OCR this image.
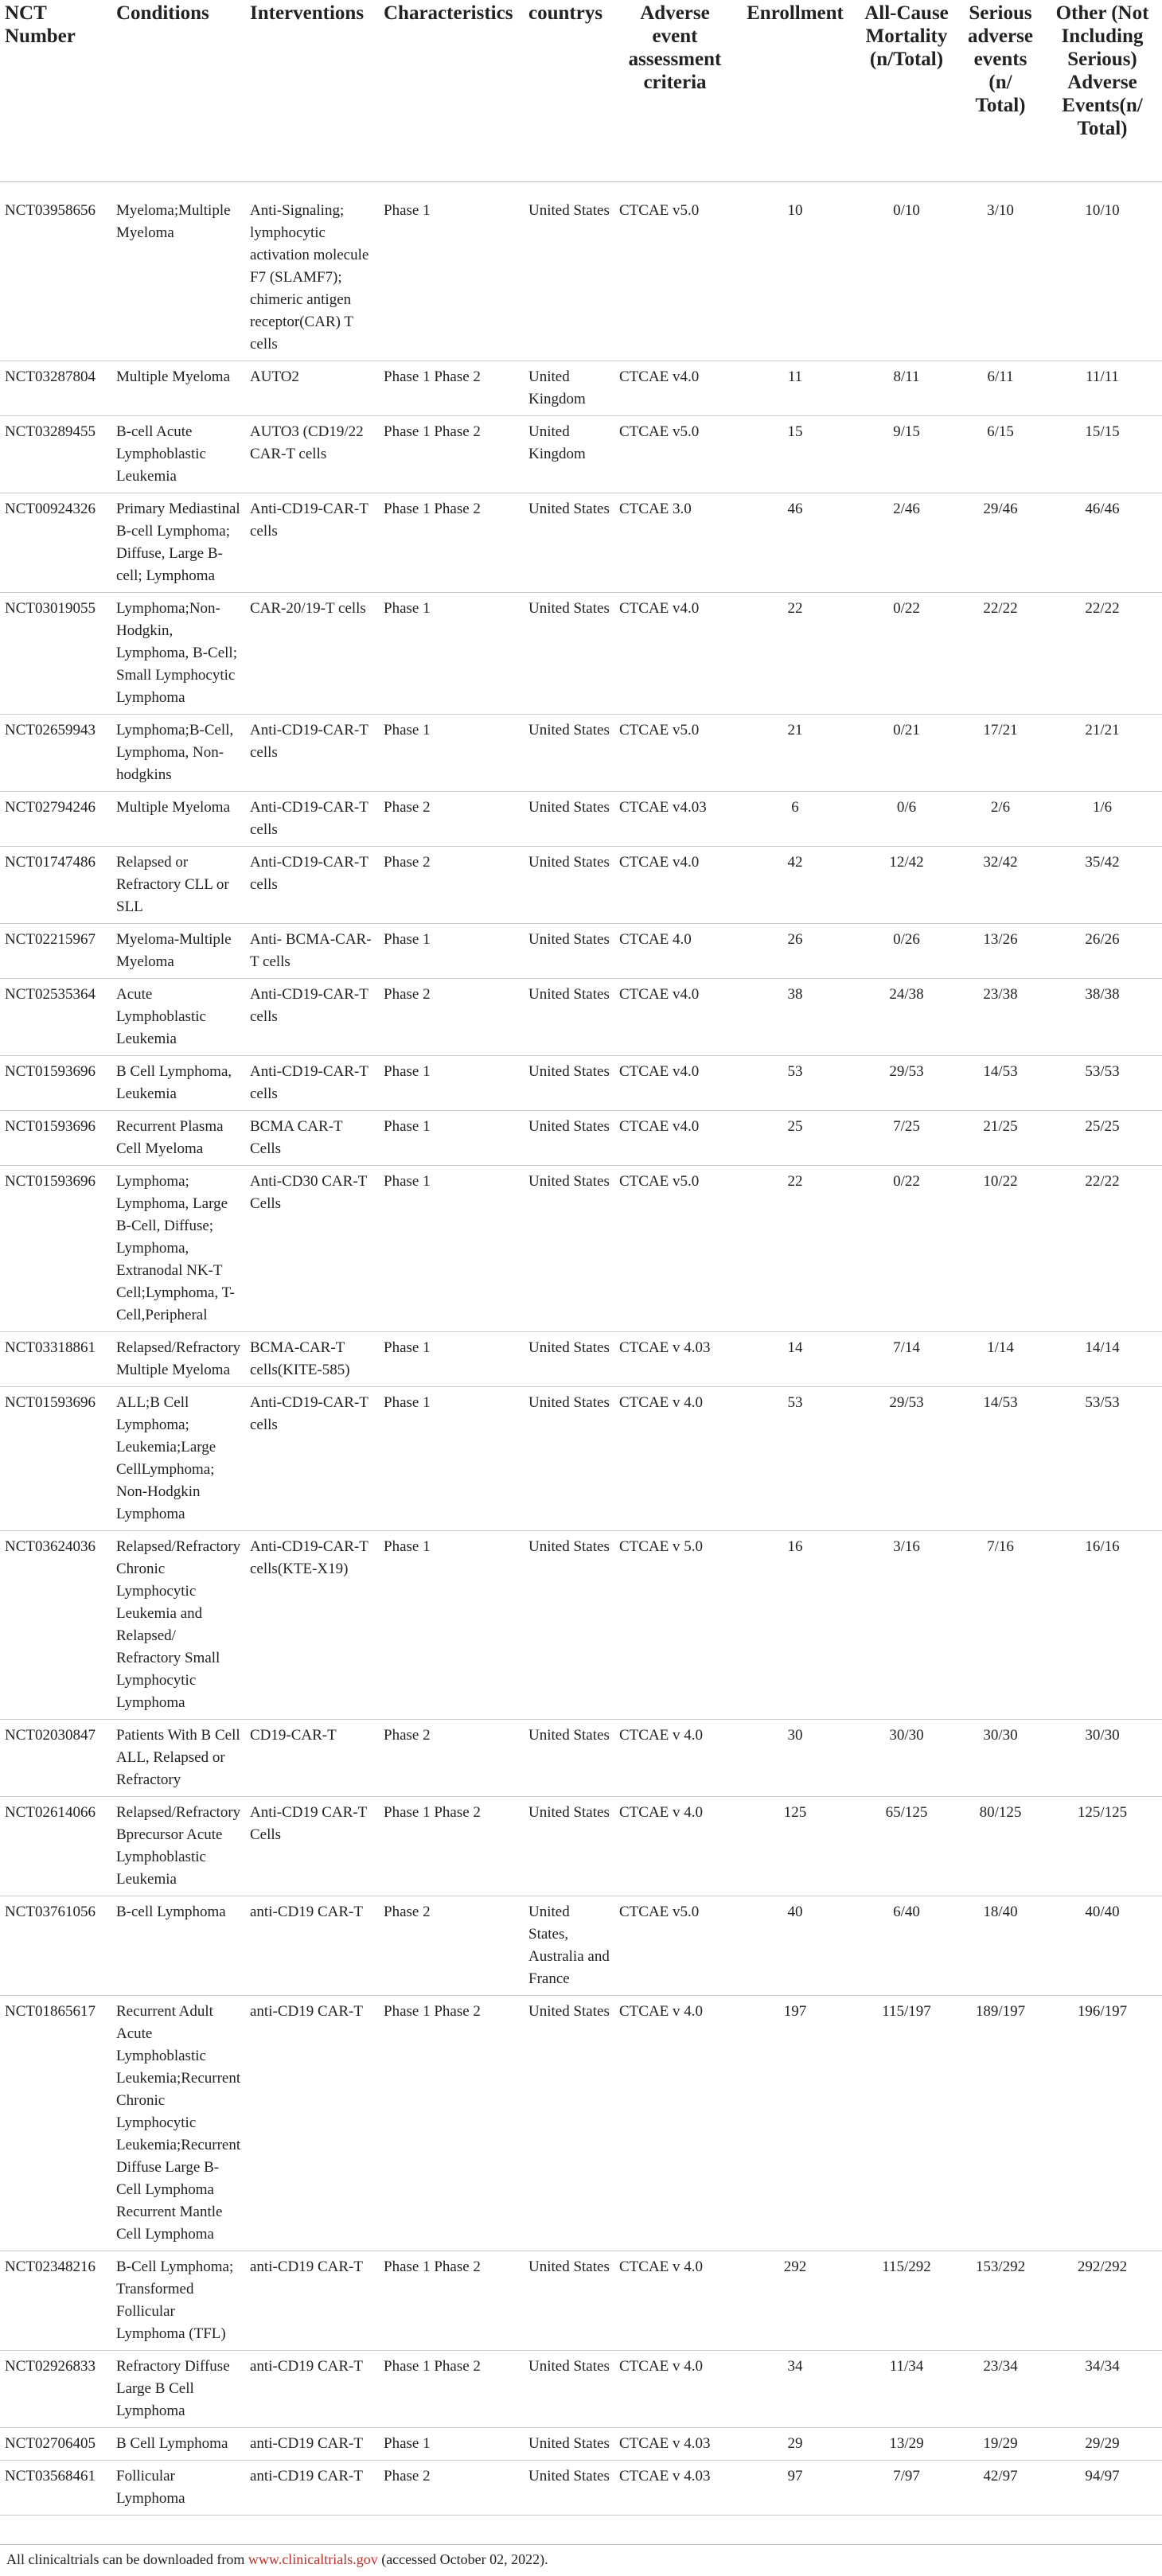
NCT Number	Conditions	Interventions	Characteristics	countrys	Adverse event assessment criteria	Enrollment	All-Cause Mortality (n/Total)	Serious adverse events (n/ Total)	Other (Not Including Serious) Adverse Events(n/ Total)
NCT03958656	Myeloma;Multiple Myeloma	Anti-Signaling; lymphocytic activation molecule F7 (SLAMF7); chimeric antigen receptor(CAR) T cells	Phase 1	United States	CTCAE v5.0	10	0/10	3/10	10/10
NCT03287804	Multiple Myeloma	AUTO2	Phase 1 Phase 2	United Kingdom	CTCAE v4.0	11	8/11	6/11	11/11
NCT03289455	B-cell Acute Lymphoblastic Leukemia	AUTO3 (CD19/22 CAR-T cells	Phase 1 Phase 2	United Kingdom	CTCAE v5.0	15	9/15	6/15	15/15
NCT00924326	Primary Mediastinal B-cell Lymphoma; Diffuse, Large B-cell; Lymphoma	Anti-CD19-CAR-T cells	Phase 1 Phase 2	United States	CTCAE 3.0	46	2/46	29/46	46/46
NCT03019055	Lymphoma;Non-Hodgkin, Lymphoma, B-Cell; Small Lymphocytic Lymphoma	CAR-20/19-T cells	Phase 1	United States	CTCAE v4.0	22	0/22	22/22	22/22
NCT02659943	Lymphoma;B-Cell, Lymphoma, Non-hodgkins	Anti-CD19-CAR-T cells	Phase 1	United States	CTCAE v5.0	21	0/21	17/21	21/21
NCT02794246	Multiple Myeloma	Anti-CD19-CAR-T cells	Phase 2	United States	CTCAE v4.03	6	0/6	2/6	1/6
NCT01747486	Relapsed or Refractory CLL or SLL	Anti-CD19-CAR-T cells	Phase 2	United States	CTCAE v4.0	42	12/42	32/42	35/42
NCT02215967	Myeloma-Multiple Myeloma	Anti- BCMA-CAR-T cells	Phase 1	United States	CTCAE 4.0	26	0/26	13/26	26/26
NCT02535364	Acute Lymphoblastic Leukemia	Anti-CD19-CAR-T cells	Phase 2	United States	CTCAE v4.0	38	24/38	23/38	38/38
NCT01593696	B Cell Lymphoma, Leukemia	Anti-CD19-CAR-T cells	Phase 1	United States	CTCAE v4.0	53	29/53	14/53	53/53
NCT01593696	Recurrent Plasma Cell Myeloma	BCMA CAR-T Cells	Phase 1	United States	CTCAE v4.0	25	7/25	21/25	25/25
NCT01593696	Lymphoma; Lymphoma, Large B-Cell, Diffuse; Lymphoma, Extranodal NK-T Cell;Lymphoma, T-Cell,Peripheral	Anti-CD30 CAR-T Cells	Phase 1	United States	CTCAE v5.0	22	0/22	10/22	22/22
NCT03318861	Relapsed/Refractory Multiple Myeloma	BCMA-CAR-T cells(KITE-585)	Phase 1	United States	CTCAE v 4.03	14	7/14	1/14	14/14
NCT01593696	ALL;B Cell Lymphoma; Leukemia;Large CellLymphoma; Non-Hodgkin Lymphoma	Anti-CD19-CAR-T cells	Phase 1	United States	CTCAE v 4.0	53	29/53	14/53	53/53
NCT03624036	Relapsed/Refractory Chronic Lymphocytic Leukemia and Relapsed/ Refractory Small Lymphocytic Lymphoma	Anti-CD19-CAR-T cells(KTE-X19)	Phase 1	United States	CTCAE v 5.0	16	3/16	7/16	16/16
NCT02030847	Patients With B Cell ALL, Relapsed or Refractory	CD19-CAR-T	Phase 2	United States	CTCAE v 4.0	30	30/30	30/30	30/30
NCT02614066	Relapsed/Refractory Bprecursor Acute Lymphoblastic Leukemia	Anti-CD19 CAR-T Cells	Phase 1 Phase 2	United States	CTCAE v 4.0	125	65/125	80/125	125/125
NCT03761056	B-cell Lymphoma	anti-CD19 CAR-T	Phase 2	United States, Australia and France	CTCAE v5.0	40	6/40	18/40	40/40
NCT01865617	Recurrent Adult Acute Lymphoblastic Leukemia;Recurrent Chronic Lymphocytic Leukemia;Recurrent Diffuse Large B-Cell Lymphoma Recurrent Mantle Cell Lymphoma	anti-CD19 CAR-T	Phase 1 Phase 2	United States	CTCAE v 4.0	197	115/197	189/197	196/197
NCT02348216	B-Cell Lymphoma; Transformed Follicular Lymphoma (TFL)	anti-CD19 CAR-T	Phase 1 Phase 2	United States	CTCAE v 4.0	292	115/292	153/292	292/292
NCT02926833	Refractory Diffuse Large B Cell Lymphoma	anti-CD19 CAR-T	Phase 1 Phase 2	United States	CTCAE v 4.0	34	11/34	23/34	34/34
NCT02706405	B Cell Lymphoma	anti-CD19 CAR-T	Phase 1	United States	CTCAE v 4.03	29	13/29	19/29	29/29
NCT03568461	Follicular Lymphoma	anti-CD19 CAR-T	Phase 2	United States	CTCAE v 4.03	97	7/97	42/97	94/97
All clinicaltrials can be downloaded from www.clinicaltrials.gov (accessed October 02, 2022).
